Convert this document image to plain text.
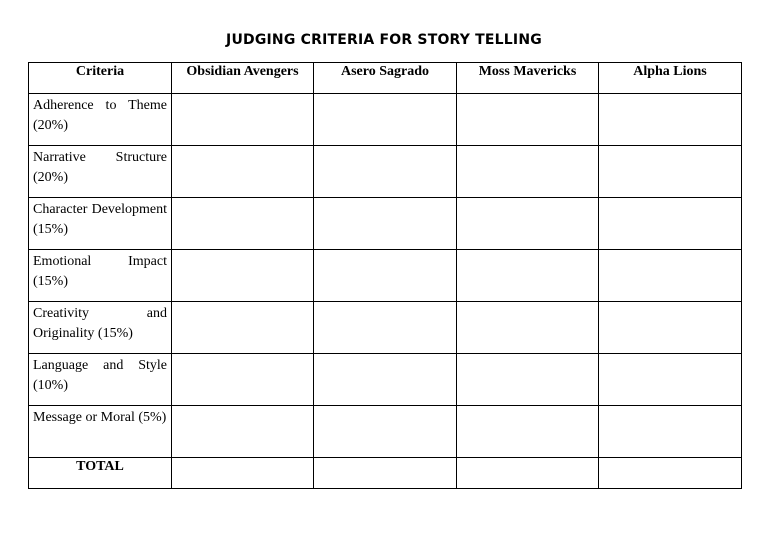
JUDGING CRITERIA FOR STORY TELLING
Criteria	Obsidian Avengers	Asero Sagrado	Moss Mavericks	Alpha Lions
Adherence to Theme (20%)				
Narrative Structure (20%)				
Character Development (15%)				
Emotional Impact (15%)				
Creativity and Originality (15%)				
Language and Style (10%)				
Message or Moral (5%)				
TOTAL				
